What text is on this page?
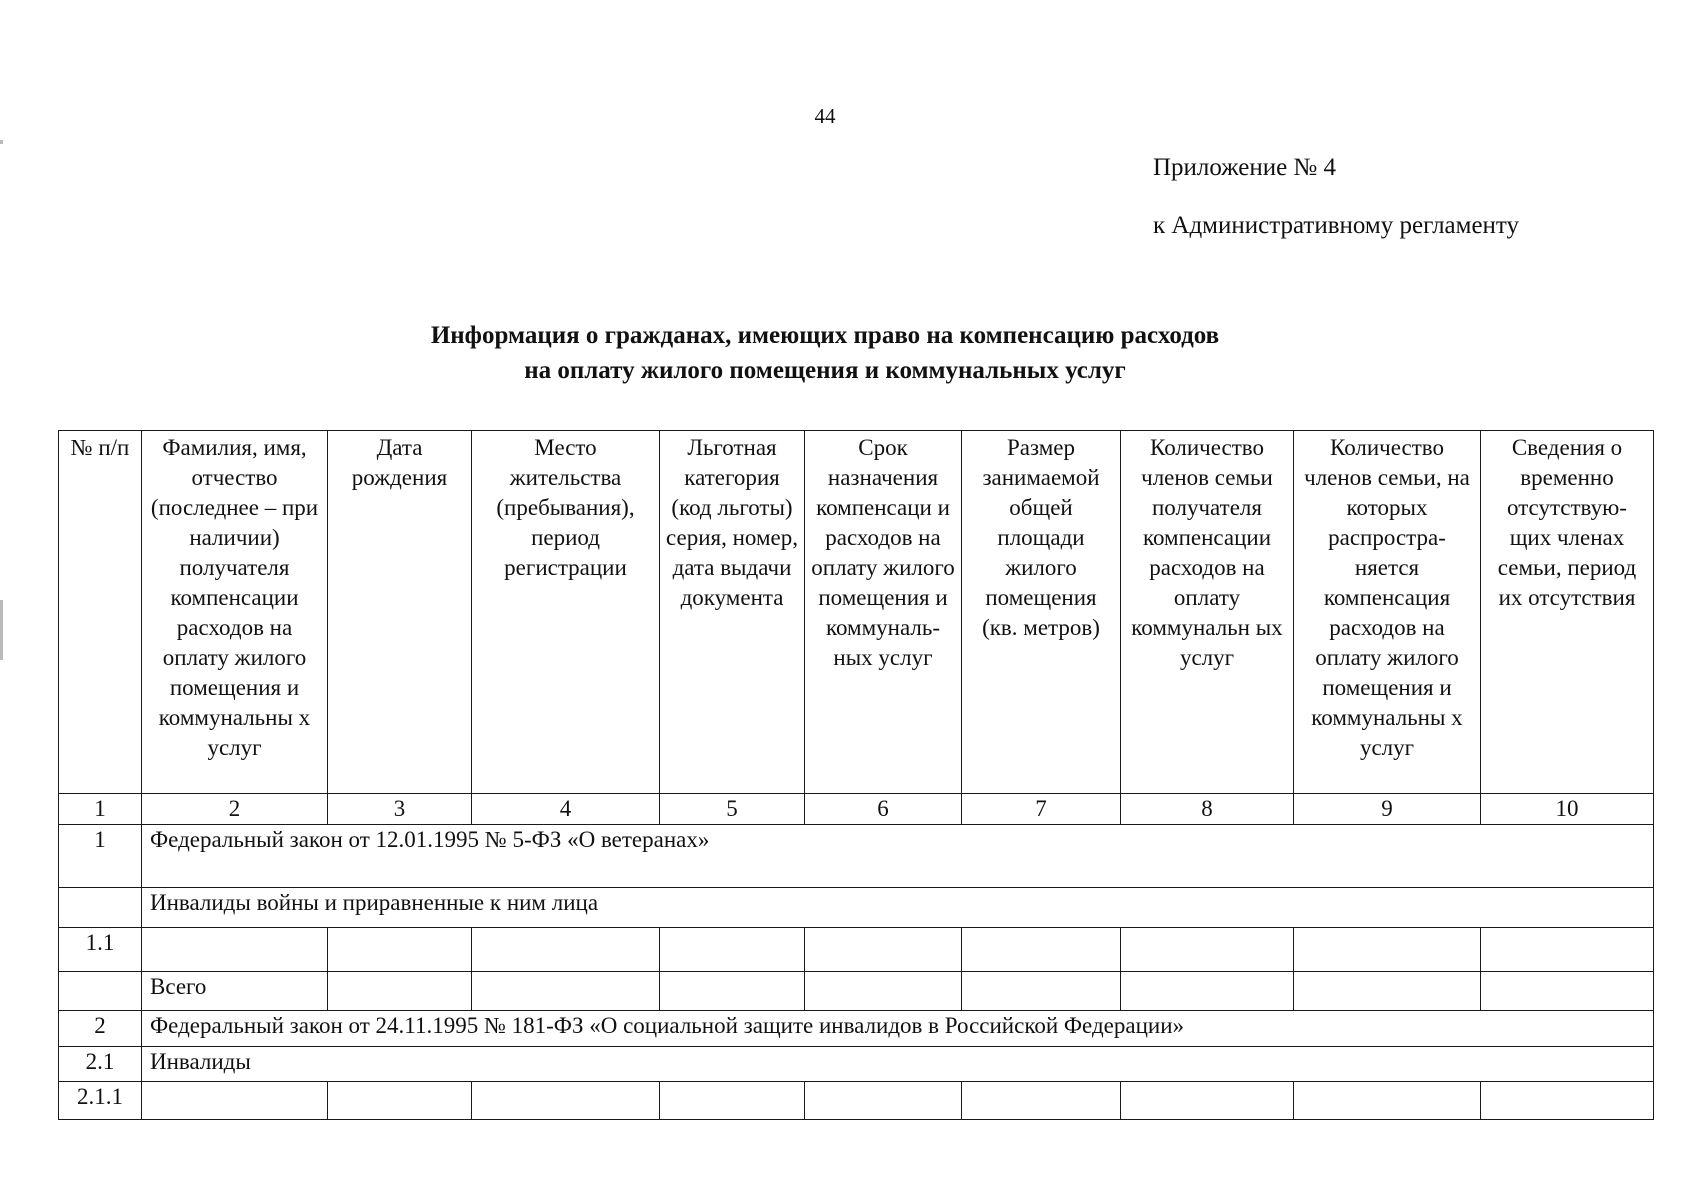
44
Приложение № 4
к Административному регламенту
Информация о гражданах, имеющих право на компенсацию расходов
на оплату жилого помещения и коммунальных услуг
№ п/п	Фамилия, имя, отчество (последнее – при наличии) получателя компенсации расходов на оплату жилого помещения и коммунальны х услуг	Дата рождения	Место жительства (пребывания), период регистрации	Льготная категория (код льготы) серия, номер, дата выдачи документа	Срок назначения компенсаци и расходов на оплату жилого помещения и коммуналь- ных услуг	Размер занимаемой общей площади жилого помещения (кв. метров)	Количество членов семьи получателя компенсации расходов на оплату коммунальн ых услуг	Количество членов семьи, на которых распростра- няется компенсация расходов на оплату жилого помещения и коммунальны х услуг	Сведения о временно отсутствую- щих членах семьи, период их отсутствия
1	2	3	4	5	6	7	8	9	10
1	Федеральный закон от 12.01.1995 № 5-ФЗ «О ветеранах»								
	Инвалиды войны и приравненные к ним лица								
1.1									
	Всего								
2	Федеральный закон от 24.11.1995 № 181-ФЗ «О социальной защите инвалидов в Российской Федерации»								
2.1	Инвалиды								
2.1.1									
